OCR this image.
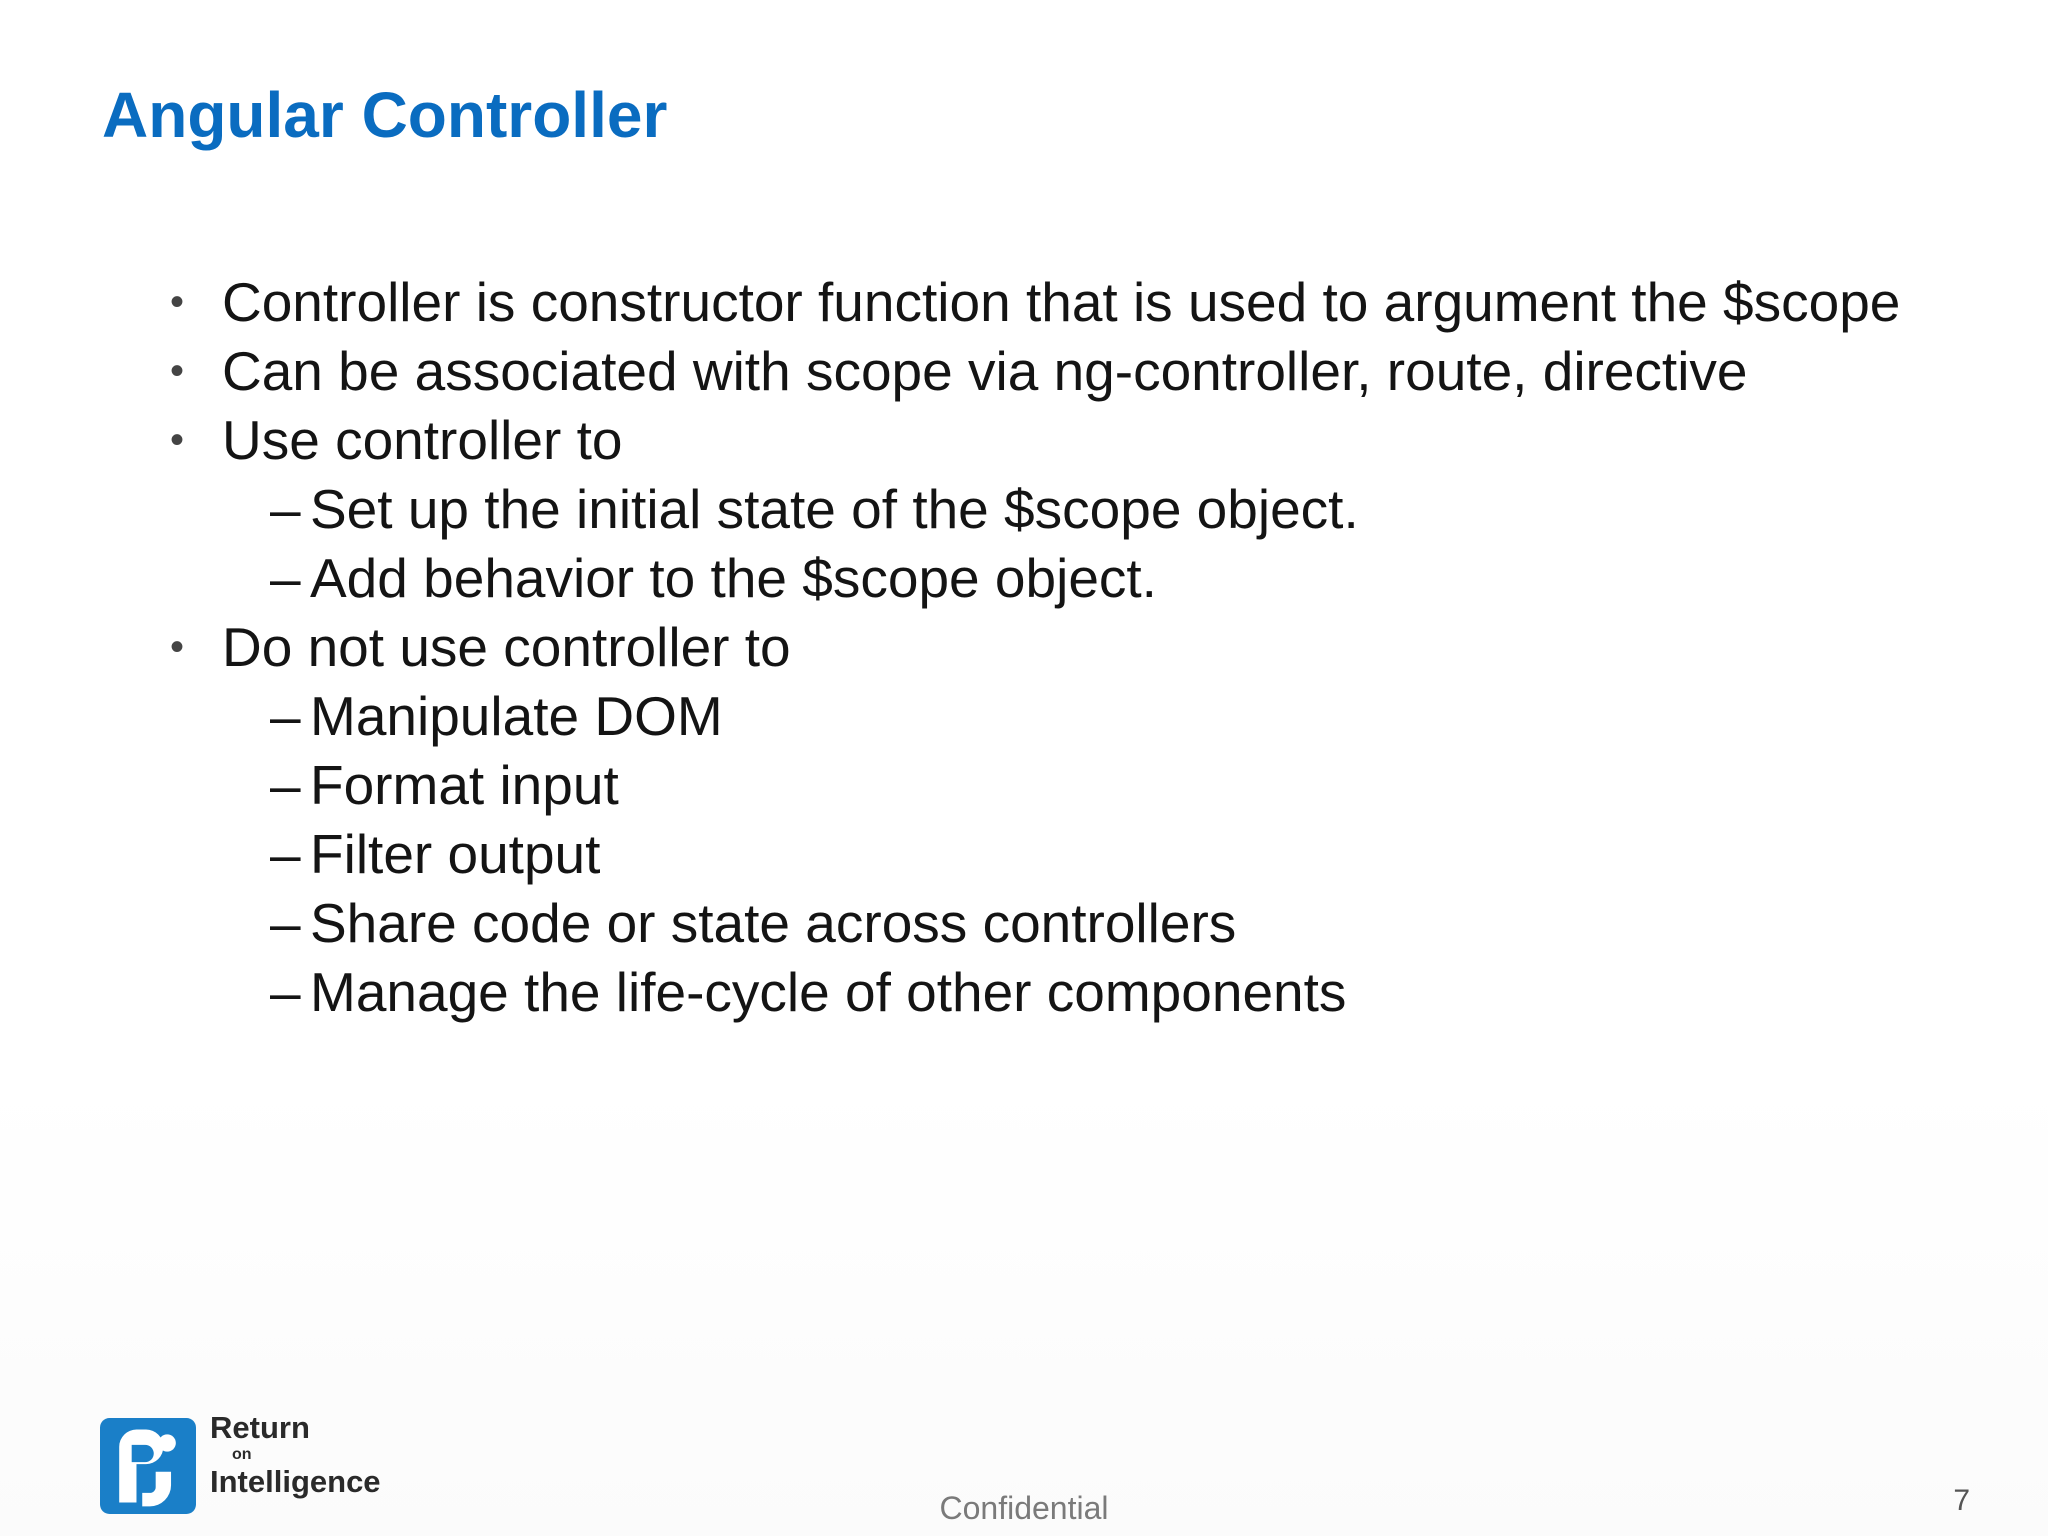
Angular Controller
• Controller is constructor function that is used to argument the $scope
• Can be associated with scope via ng-controller, route, directive
• Use controller to
– Set up the initial state of the $scope object.
– Add behavior to the $scope object.
• Do not use controller to
– Manipulate DOM
– Format input
– Filter output
– Share code or state across controllers
– Manage the life-cycle of other components
Return
on
Intelligence
Confidential	7
